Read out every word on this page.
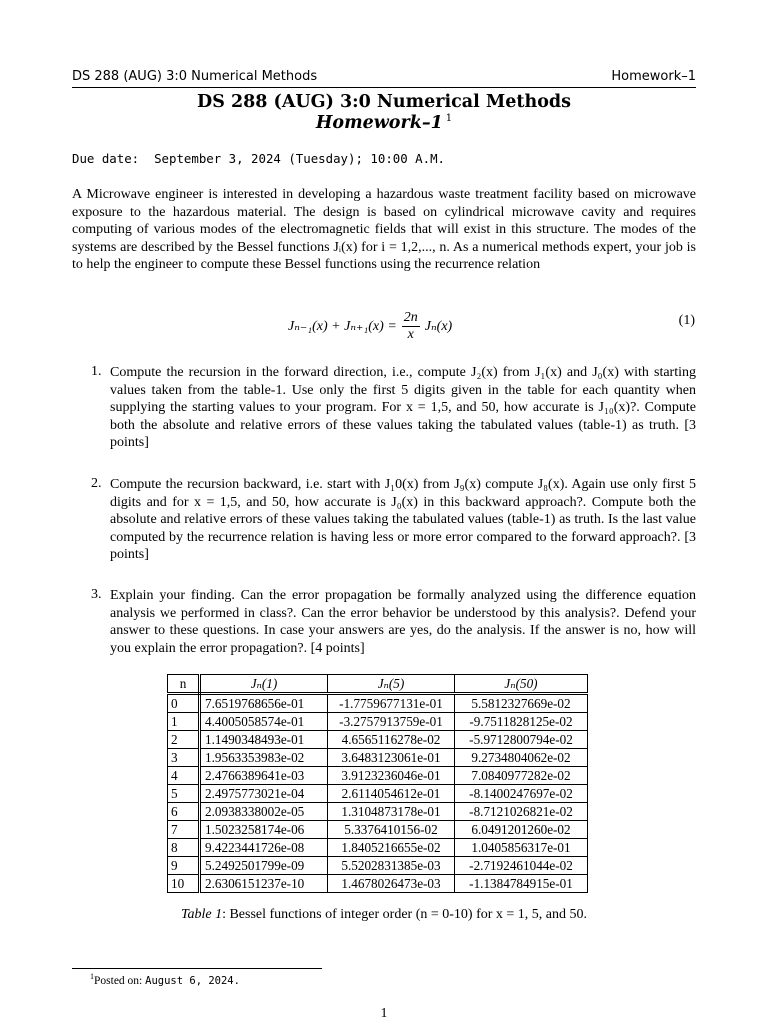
DS 288 (AUG) 3:0 Numerical Methods	Homework–1
DS 288 (AUG) 3:0 Numerical Methods
Homework–1 $^1$
Due date: September 3, 2024 (Tuesday); 10:00 A.M.
A Microwave engineer is interested in developing a hazardous waste treatment facility based on microwave exposure to the hazardous material. The design is based on cylindrical microwave cavity and requires computing of various modes of the electromagnetic fields that will exist in this structure. The modes of the systems are described by the Bessel functions Jᵢ(x) for i = 1,2,..., n. As a numerical methods expert, your job is to help the engineer to compute these Bessel functions using the recurrence relation
$J_{n-1}(x) + J_{n+1}(x) = \frac{2n}{x} J_n(x)$	(1)
1. Compute the recursion in the forward direction, i.e., compute J₂(x) from J₁(x) and J₀(x) with starting values taken from the table-1. Use only the first 5 digits given in the table for each quantity when supplying the starting values to your program. For x = 1,5, and 50, how accurate is J₁₀(x)?. Compute both the absolute and relative errors of these values taking the tabulated values (table-1) as truth. [3 points]
2. Compute the recursion backward, i.e. start with J₁0(x) from J₉(x) compute J₈(x). Again use only first 5 digits and for x = 1,5, and 50, how accurate is J₀(x) in this backward approach?. Compute both the absolute and relative errors of these values taking the tabulated values (table-1) as truth. Is the last value computed by the recurrence relation is having less or more error compared to the forward approach?. [3 points]
3. Explain your finding. Can the error propagation be formally analyzed using the difference equation analysis we performed in class?. Can the error behavior be understood by this analysis?. Defend your answer to these questions. In case your answers are yes, do the analysis. If the answer is no, how will you explain the error propagation?. [4 points]
n	Jₙ(1)	Jₙ(5)	Jₙ(50)
0	7.6519768656e-01	-1.7759677131e-01	5.5812327669e-02
1	4.4005058574e-01	-3.2757913759e-01	-9.7511828125e-02
2	1.1490348493e-01	4.6565116278e-02	-5.9712800794e-02
3	1.9563353983e-02	3.6483123061e-01	9.2734804062e-02
4	2.4766389641e-03	3.9123236046e-01	7.0840977282e-02
5	2.4975773021e-04	2.6114054612e-01	-8.1400247697e-02
6	2.0938338002e-05	1.3104873178e-01	-8.7121026821e-02
7	1.5023258174e-06	5.3376410156-02	6.0491201260e-02
8	9.4223441726e-08	1.8405216655e-02	1.0405856317e-01
9	5.2492501799e-09	5.5202831385e-03	-2.7192461044e-02
10	2.6306151237e-10	1.4678026473e-03	-1.1384784915e-01
Table 1: Bessel functions of integer order (n = 0-10) for x = 1, 5, and 50.
$^1$Posted on: August 6, 2024.
1
